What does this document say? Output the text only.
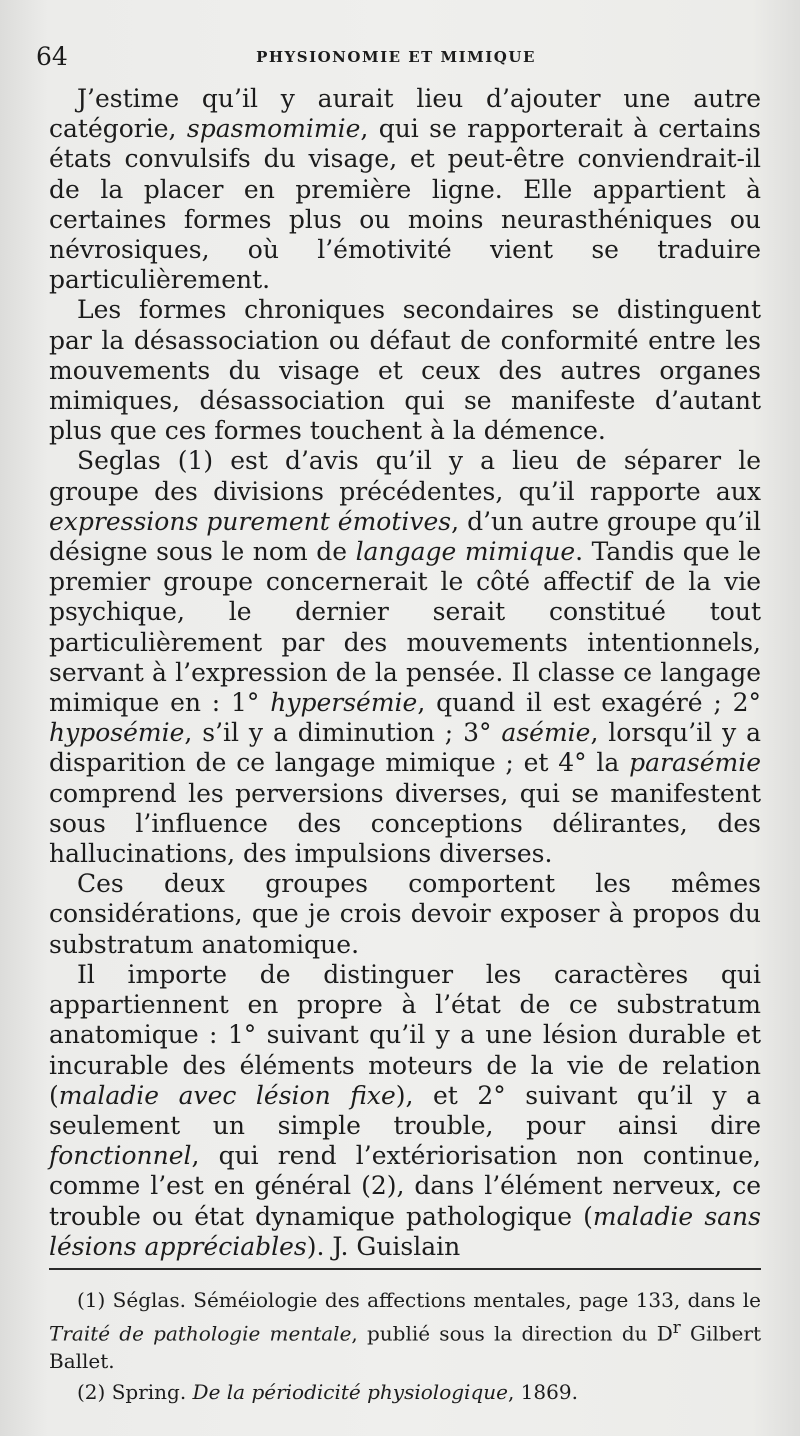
64	PHYSIONOMIE ET MIMIQUE

J’estime qu’il y aurait lieu d’ajouter une autre catégorie, spasmomimie, qui se rapporterait à certains états convulsifs du visage, et peut-être conviendrait-il de la placer en première ligne. Elle appartient à certaines formes plus ou moins neurasthéniques ou névrosiques, où l’émotivité vient se traduire particulièrement.

Les formes chroniques secondaires se distinguent par la désassociation ou défaut de conformité entre les mouvements du visage et ceux des autres organes mimiques, désassociation qui se manifeste d’autant plus que ces formes touchent à la démence.

Seglas (1) est d’avis qu’il y a lieu de séparer le groupe des divisions précédentes, qu’il rapporte aux expressions purement émotives, d’un autre groupe qu’il désigne sous le nom de langage mimique. Tandis que le premier groupe concernerait le côté affectif de la vie psychique, le dernier serait constitué tout particulièrement par des mouvements intentionnels, servant à l’expression de la pensée. Il classe ce langage mimique en : 1° hypersémie, quand il est exagéré ; 2° hyposémie, s’il y a diminution ; 3° asémie, lorsqu’il y a disparition de ce langage mimique ; et 4° la parasémie comprend les perversions diverses, qui se manifestent sous l’influence des conceptions délirantes, des hallucinations, des impulsions diverses.

Ces deux groupes comportent les mêmes considérations, que je crois devoir exposer à propos du substratum anatomique.

Il importe de distinguer les caractères qui appartiennent en propre à l’état de ce substratum anatomique : 1° suivant qu’il y a une lésion durable et incurable des éléments moteurs de la vie de relation (maladie avec lésion fixe), et 2° suivant qu’il y a seulement un simple trouble, pour ainsi dire fonctionnel, qui rend l’extériorisation non continue, comme l’est en général (2), dans l’élément nerveux, ce trouble ou état dynamique pathologique (maladie sans lésions appréciables). J. Guislain

(1) Séglas. Séméiologie des affections mentales, page 133, dans le Traité de pathologie mentale, publié sous la direction du $D^r$ Gilbert Ballet.

(2) Spring. De la périodicité physiologique, 1869.
